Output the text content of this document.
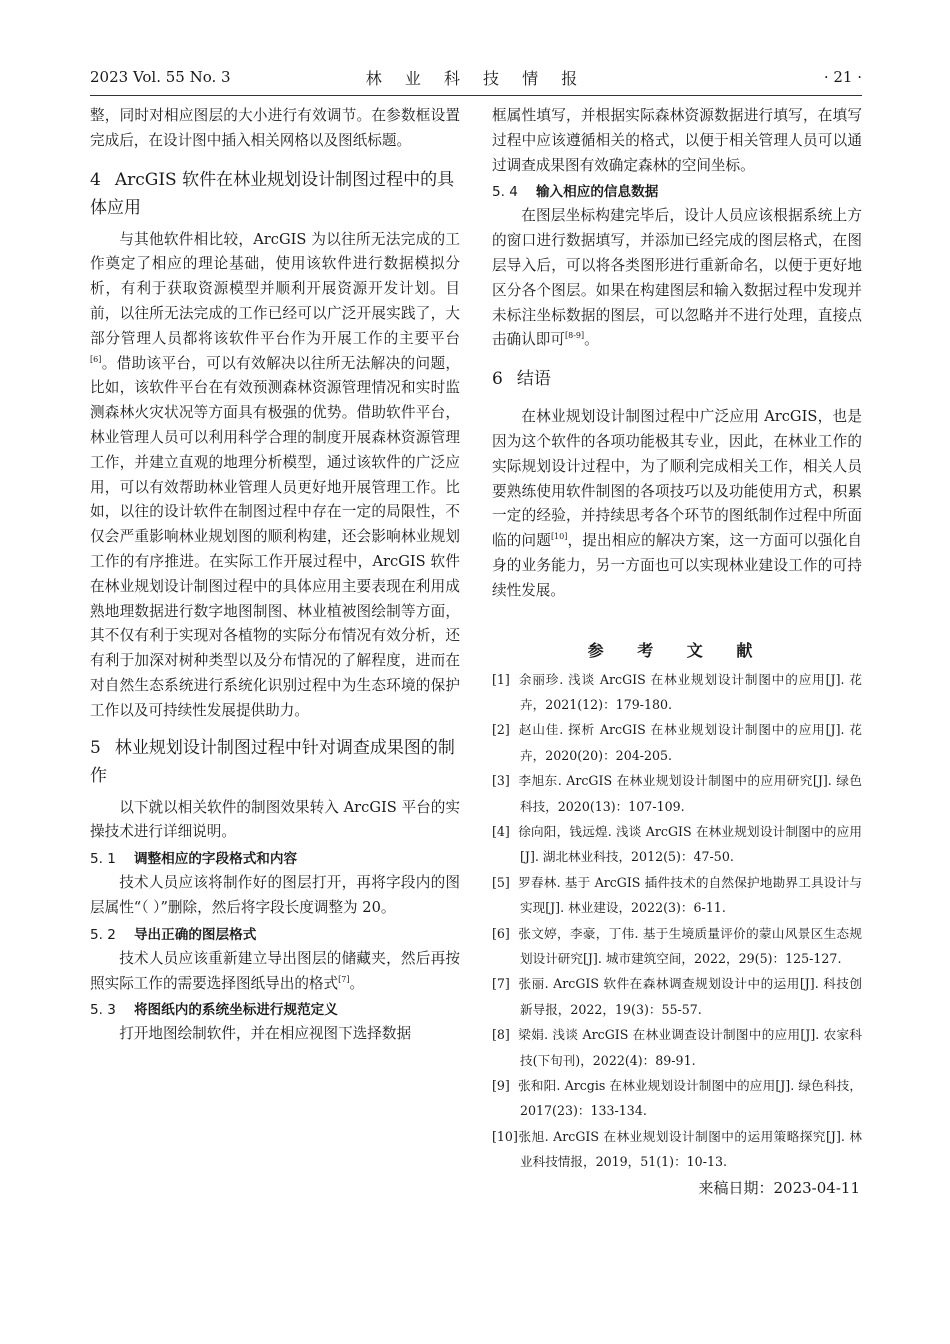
2023 Vol. 55 No. 3	林 业 科 技 情 报	· 21 ·

整，同时对相应图层的大小进行有效调节。在参数框设置完成后，在设计图中插入相关网格以及图纸标题。

4 ArcGIS 软件在林业规划设计制图过程中的具体应用

与其他软件相比较，ArcGIS 为以往所无法完成的工作奠定了相应的理论基础，使用该软件进行数据模拟分析，有利于获取资源模型并顺利开展资源开发计划。目前，以往所无法完成的工作已经可以广泛开展实践了，大部分管理人员都将该软件平台作为开展工作的主要平台[6]。借助该平台，可以有效解决以往所无法解决的问题，比如，该软件平台在有效预测森林资源管理情况和实时监测森林火灾状况等方面具有极强的优势。借助软件平台，林业管理人员可以利用科学合理的制度开展森林资源管理工作，并建立直观的地理分析模型，通过该软件的广泛应用，可以有效帮助林业管理人员更好地开展管理工作。比如，以往的设计软件在制图过程中存在一定的局限性，不仅会严重影响林业规划图的顺利构建，还会影响林业规划工作的有序推进。在实际工作开展过程中，ArcGIS 软件在林业规划设计制图过程中的具体应用主要表现在利用成熟地理数据进行数字地图制图、林业植被图绘制等方面，其不仅有利于实现对各植物的实际分布情况有效分析，还有利于加深对树种类型以及分布情况的了解程度，进而在对自然生态系统进行系统化识别过程中为生态环境的保护工作以及可持续性发展提供助力。

5 林业规划设计制图过程中针对调查成果图的制作

以下就以相关软件的制图效果转入 ArcGIS 平台的实操技术进行详细说明。

5. 1 调整相应的字段格式和内容

技术人员应该将制作好的图层打开，再将字段内的图层属性“（ ）”删除，然后将字段长度调整为 20。

5. 2 导出正确的图层格式

技术人员应该重新建立导出图层的储藏夹，然后再按照实际工作的需要选择图纸导出的格式[7]。

5. 3 将图纸内的系统坐标进行规范定义

打开地图绘制软件，并在相应视图下选择数据

框属性填写，并根据实际森林资源数据进行填写，在填写过程中应该遵循相关的格式，以便于相关管理人员可以通过调查成果图有效确定森林的空间坐标。

5. 4 输入相应的信息数据

在图层坐标构建完毕后，设计人员应该根据系统上方的窗口进行数据填写，并添加已经完成的图层格式，在图层导入后，可以将各类图形进行重新命名，以便于更好地区分各个图层。如果在构建图层和输入数据过程中发现并未标注坐标数据的图层，可以忽略并不进行处理，直接点击确认即可[8-9]。

6 结语

在林业规划设计制图过程中广泛应用 ArcGIS，也是因为这个软件的各项功能极其专业，因此，在林业工作的实际规划设计过程中，为了顺利完成相关工作，相关人员要熟练使用软件制图的各项技巧以及功能使用方式，积累一定的经验，并持续思考各个环节的图纸制作过程中所面临的问题[10]，提出相应的解决方案，这一方面可以强化自身的业务能力，另一方面也可以实现林业建设工作的可持续性发展。

参 考 文 献
[1] 余丽珍. 浅谈 ArcGIS 在林业规划设计制图中的应用[J]. 花卉，2021(12)：179-180.
[2] 赵山佳. 探析 ArcGIS 在林业规划设计制图中的应用[J]. 花卉，2020(20)：204-205.
[3] 李旭东. ArcGIS 在林业规划设计制图中的应用研究[J]. 绿色科技，2020(13)：107-109.
[4] 徐向阳，钱远煌. 浅谈 ArcGIS 在林业规划设计制图中的应用[J]. 湖北林业科技，2012(5)：47-50.
[5] 罗春林. 基于 ArcGIS 插件技术的自然保护地勘界工具设计与实现[J]. 林业建设，2022(3)：6-11.
[6] 张文婷，李豪，丁伟. 基于生境质量评价的蒙山风景区生态规划设计研究[J]. 城市建筑空间，2022，29(5)：125-127.
[7] 张丽. ArcGIS 软件在森林调查规划设计中的运用[J]. 科技创新导报，2022，19(3)：55-57.
[8] 梁娟. 浅谈 ArcGIS 在林业调查设计制图中的应用[J]. 农家科技(下旬刊)，2022(4)：89-91.
[9] 张和阳. Arcgis 在林业规划设计制图中的应用[J]. 绿色科技，2017(23)：133-134.
[10]张旭. ArcGIS 在林业规划设计制图中的运用策略探究[J]. 林业科技情报，2019，51(1)：10-13.
来稿日期：2023-04-11
